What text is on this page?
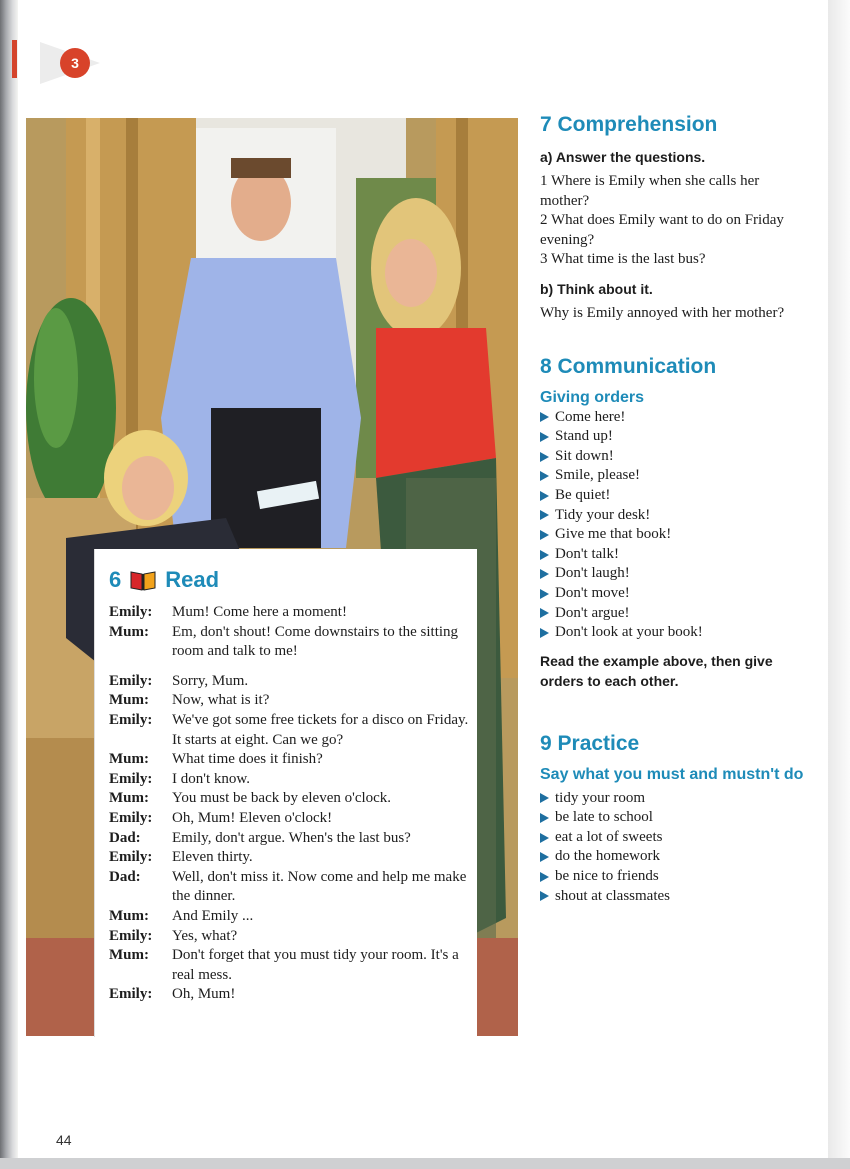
3
6 Read
Emily:	Mum! Come here a moment!
Mum:	Em, don't shout! Come downstairs to the sitting room and talk to me!
Emily:	Sorry, Mum.
Mum:	Now, what is it?
Emily:	We've got some free tickets for a disco on Friday. It starts at eight. Can we go?
Mum:	What time does it finish?
Emily:	I don't know.
Mum:	You must be back by eleven o'clock.
Emily:	Oh, Mum! Eleven o'clock!
Dad:	Emily, don't argue. When's the last bus?
Emily:	Eleven thirty.
Dad:	Well, don't miss it. Now come and help me make the dinner.
Mum:	And Emily ...
Emily:	Yes, what?
Mum:	Don't forget that you must tidy your room. It's a real mess.
Emily:	Oh, Mum!
7 Comprehension

a) Answer the questions.

1 Where is Emily when she calls her mother?

2 What does Emily want to do on Friday evening?

3 What time is the last bus?

b) Think about it.

Why is Emily annoyed with her mother?

8 Communication

Giving orders

Come here!
Stand up!
Sit down!
Smile, please!
Be quiet!
Tidy your desk!
Give me that book!
Don't talk!
Don't laugh!
Don't move!
Don't argue!
Don't look at your book!

Read the example above, then give orders to each other.

9 Practice

Say what you must and mustn't do

tidy your room
be late to school
eat a lot of sweets
do the homework
be nice to friends
shout at classmates
44
